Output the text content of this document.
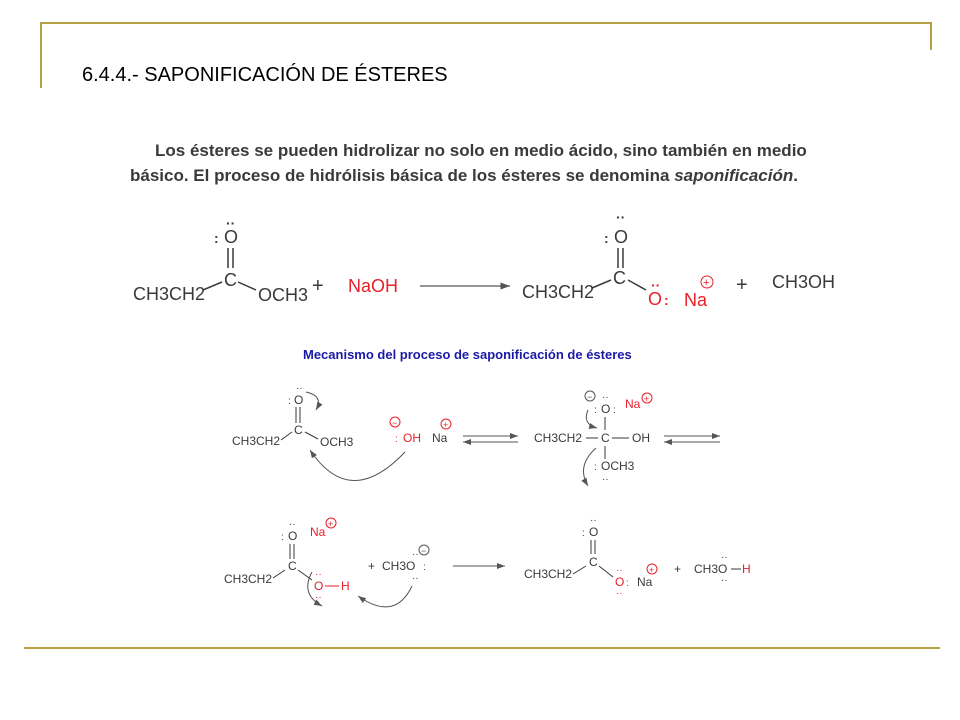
6.4.4.- SAPONIFICACIÓN DE ÉSTERES
Los ésteres se pueden hidrolizar no solo en medio ácido, sino también en medio
básico. El proceso de hidrólisis básica de los ésteres se denomina saponificación.
O
··
:
C
CH3CH2	OCH3 + NaOH
O
··
:
C
CH3CH2	O
··
: Na
+ + CH3OH
Mecanismo del proceso de saponificación de ésteres
O
··
:
C
CH3CH2	OCH3	OH
:
−
Na
+
O
··
: :
−	Na +
C
CH3CH2	OH
OCH3
:
··
O
··
: Na
+
C
CH3CH2	O
··
··
H
+ CH3O
··
:
··
−
O
··
:
C
CH3CH2
O
··
:
··
Na
+ + CH3O
··
··
H
